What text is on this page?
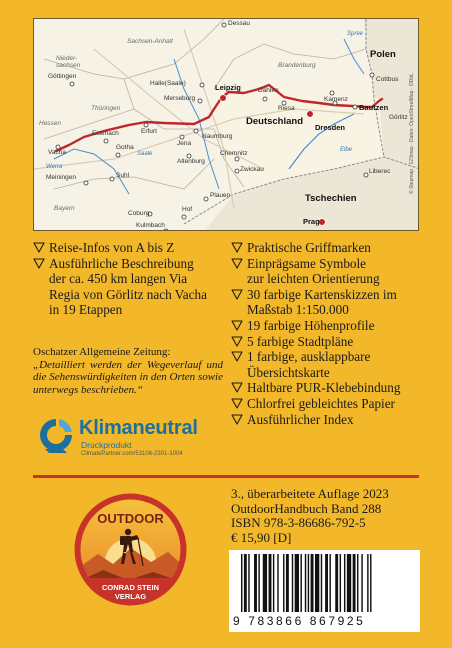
Nieder-
sachsen
Sachsen-Anhalt
Brandenburg
Thüringen
Hessen
Bayern
Spree
Elbe
Saale
Werra
Polen
Deutschland
Tschechien
Dessau
Göttingen
Halle(Saale)
Cottbus
Merseburg
Leipzig	Dahlen
Riesa
Kamenz
Bautzen
Görlitz
Eisenach	Erfurt
Naumburg
Jena
Gotha
Vacha
Altenburg
Dresden
Chemnitz
Zwickau	Liberec
Meiningen	Suhl
Plauen
Coburg
Hof
Kulmbach	Prag
© Stepmap · 123map · Daten: OpenStreetMap · ODbL
Reise-Infos von A bis Z
Ausführliche Beschreibung
der ca. 450 km langen Via
Regia von Görlitz nach Vacha
in 19 Etappen
Praktische Griffmarken
Einprägsame Symbole
zur leichten Orientierung
30 farbige Kartenskizzen im
Maßstab 1:150.000
19 farbige Höhenprofile
5 farbige Stadtpläne
1 farbige, ausklappbare
Übersichtskarte
Haltbare PUR-Klebebindung
Chlorfrei gebleichtes Papier
Ausführlicher Index
Oschatzer Allgemeine Zeitung:
„Detailliert werden der Wegeverlauf und die Sehenswürdigkeiten in den Orten sowie unterwegs beschrieben.“
Klimaneutral
Druckprodukt
ClimatePartner.com/53106-2301-1004
OUTDOOR
CONRAD STEIN
VERLAG
3., überarbeitete Auflage 2023
OutdoorHandbuch Band 288
ISBN 978-3-86686-792-5
€ 15,90 [D]
9 783866 867925
